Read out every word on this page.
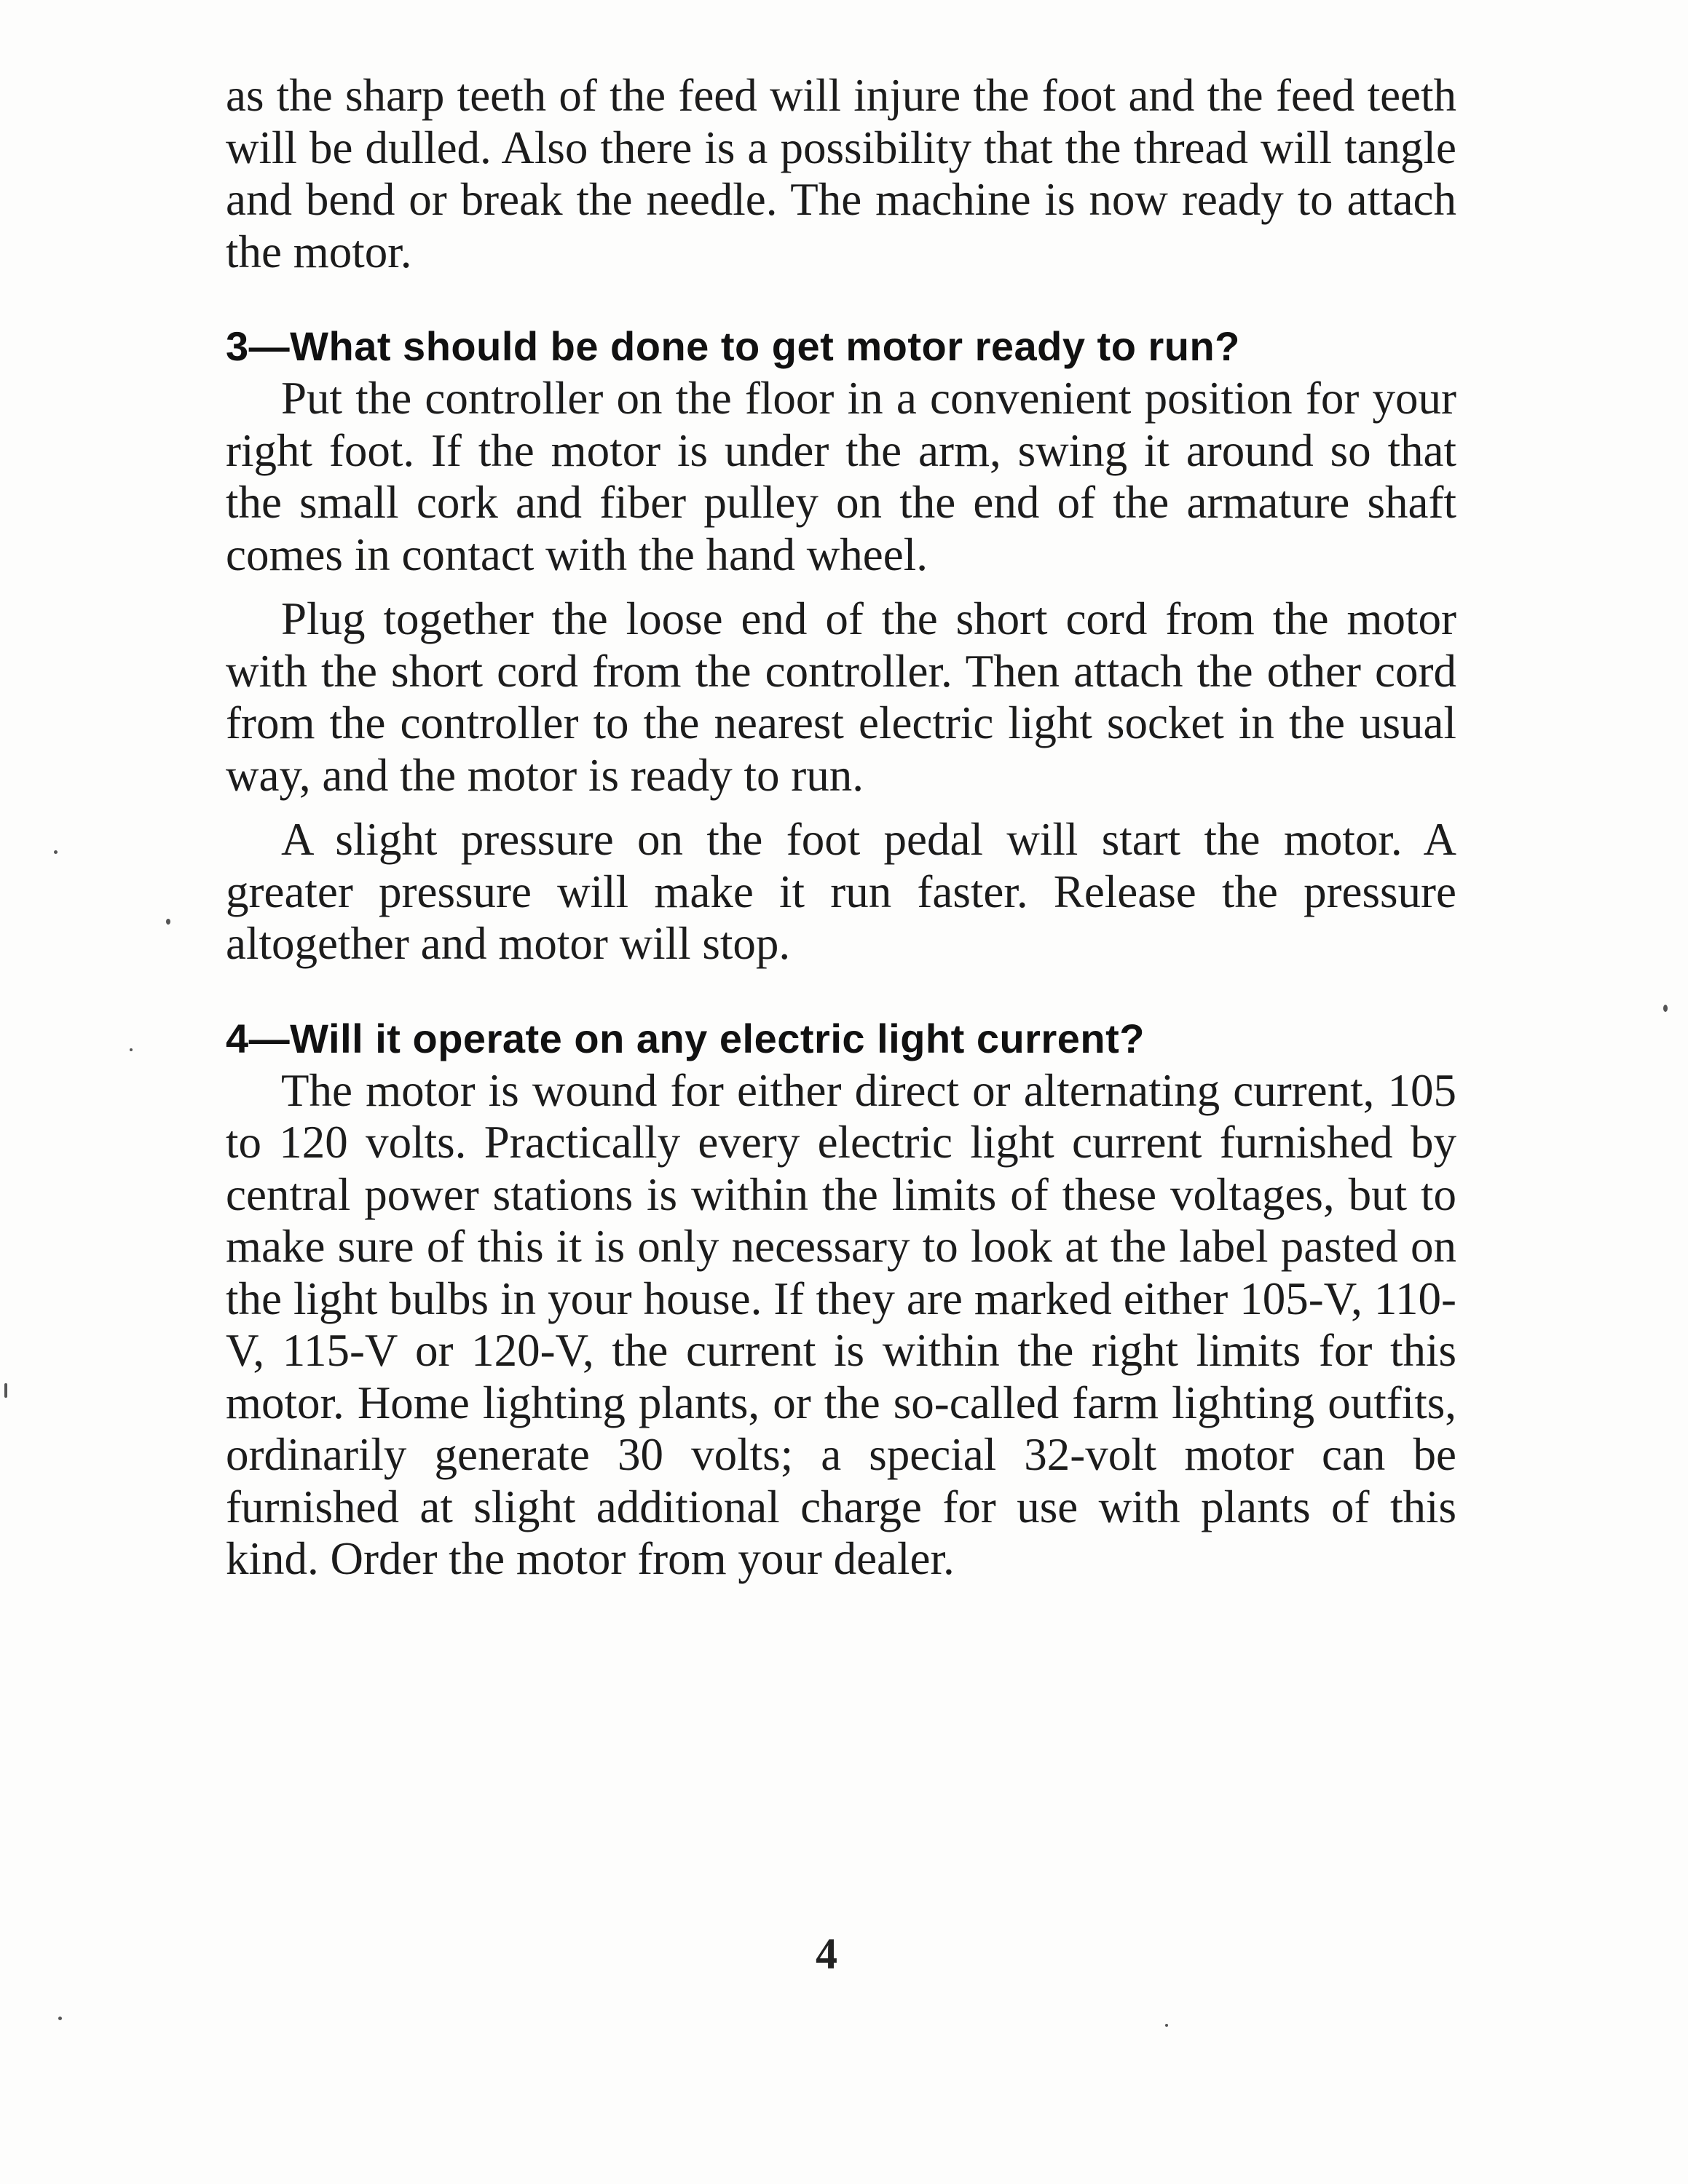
as the sharp teeth of the feed will injure the foot and the feed teeth will be dulled. Also there is a possibility that the thread will tangle and bend or break the needle. The machine is now ready to attach the motor.

3—What should be done to get motor ready to run?

Put the controller on the floor in a convenient position for your right foot. If the motor is under the arm, swing it around so that the small cork and fiber pulley on the end of the armature shaft comes in contact with the hand wheel.

Plug together the loose end of the short cord from the motor with the short cord from the controller. Then attach the other cord from the controller to the nearest electric light socket in the usual way, and the motor is ready to run.

A slight pressure on the foot pedal will start the motor. A greater pressure will make it run faster. Release the pressure altogether and motor will stop.

4—Will it operate on any electric light current?

The motor is wound for either direct or alternating current, 105 to 120 volts. Practically every electric light current furnished by central power stations is within the limits of these voltages, but to make sure of this it is only necessary to look at the label pasted on the light bulbs in your house. If they are marked either 105-V, 110-V, 115-V or 120-V, the current is within the right limits for this motor. Home lighting plants, or the so-called farm lighting outfits, ordinarily generate 30 volts; a special 32-volt motor can be furnished at slight additional charge for use with plants of this kind. Order the motor from your dealer.

4
